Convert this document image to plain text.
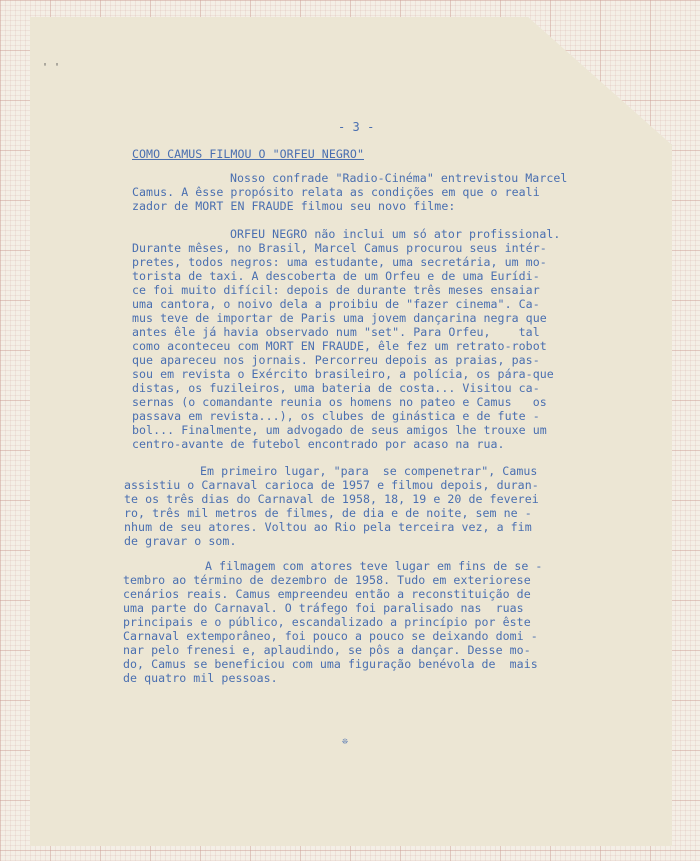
' '
- 3 -
COMO CAMUS FILMOU O "ORFEU NEGRO"
Nosso confrade "Radio-Cinéma" entrevistou Marcel
Camus. A êsse propósito relata as condições em que o reali
zador de MORT EN FRAUDE filmou seu novo filme:
ORFEU NEGRO não inclui um só ator profissional.
Durante mêses, no Brasil, Marcel Camus procurou seus intér-
pretes, todos negros: uma estudante, uma secretária, um mo-
torista de taxi. A descoberta de um Orfeu e de uma Eurídi-
ce foi muito difícil: depois de durante três meses ensaiar
uma cantora, o noivo dela a proibiu de "fazer cinema". Ca-
mus teve de importar de Paris uma jovem dançarina negra que
antes êle já havia observado num "set". Para Orfeu,    tal
como aconteceu com MORT EN FRAUDE, êle fez um retrato-robot
que apareceu nos jornais. Percorreu depois as praias, pas-
sou em revista o Exército brasileiro, a polícia, os pára-que
distas, os fuzileiros, uma bateria de costa... Visitou ca-
sernas (o comandante reunia os homens no pateo e Camus   os
passava em revista...), os clubes de ginástica e de fute -
bol... Finalmente, um advogado de seus amigos lhe trouxe um
centro-avante de futebol encontrado por acaso na rua.
Em primeiro lugar, "para  se compenetrar", Camus
assistiu o Carnaval carioca de 1957 e filmou depois, duran-
te os três dias do Carnaval de 1958, 18, 19 e 20 de feverei
ro, três mil metros de filmes, de dia e de noite, sem ne -
nhum de seu atores. Voltou ao Rio pela terceira vez, a fim
de gravar o som.
A filmagem com atores teve lugar em fins de se -
tembro ao término de dezembro de 1958. Tudo em exterioresе
cenários reais. Camus empreendeu então a reconstituição de
uma parte do Carnaval. O tráfego foi paralisado nas  ruas
principais e o público, escandalizado a princípio por êste
Carnaval extemporâneo, foi pouco a pouco se deixando domi -
nar pelo frenesi e, aplaudindo, se pôs a dançar. Desse mo-
do, Camus se beneficiou com uma figuração benévola de  mais
de quatro mil pessoas.
❊
